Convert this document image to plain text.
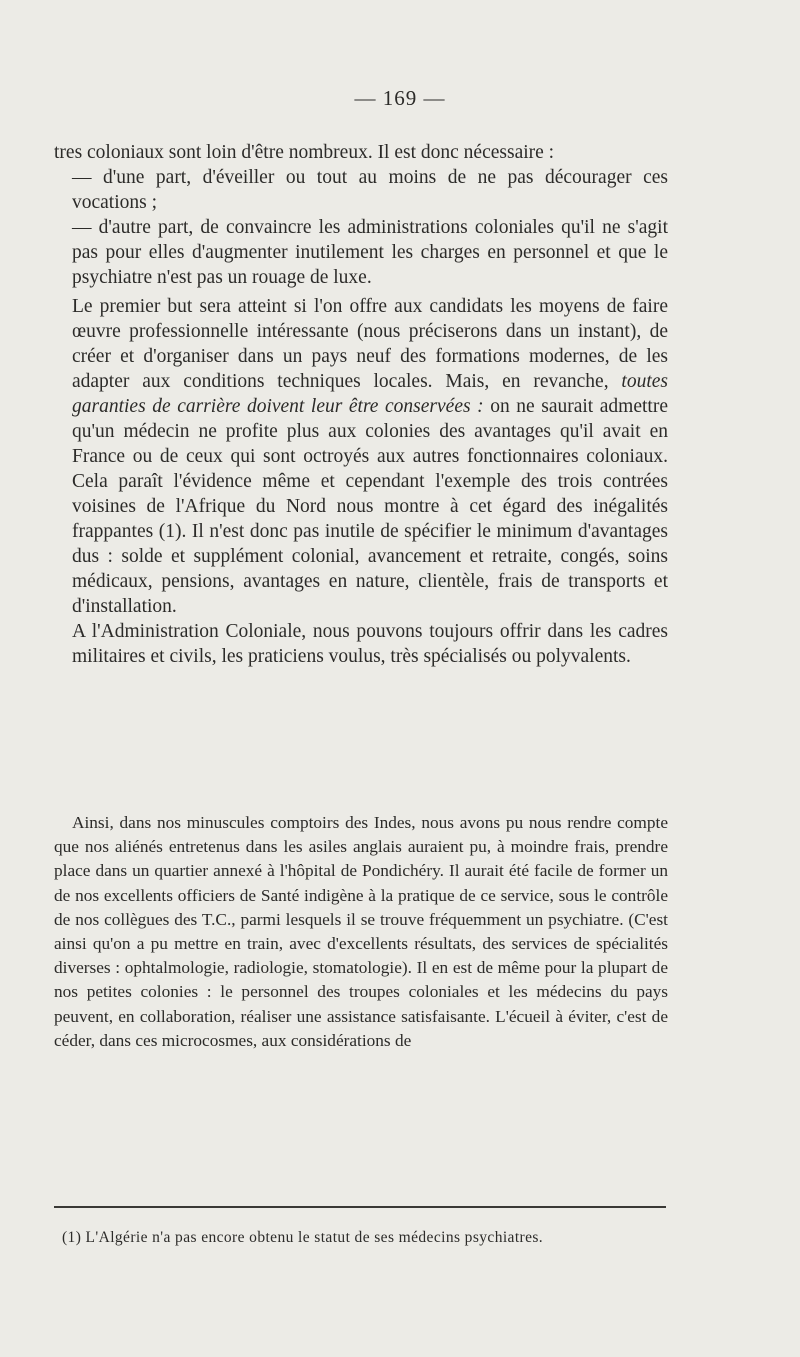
— 169 —

tres coloniaux sont loin d'être nombreux. Il est donc nécessaire :

— d'une part, d'éveiller ou tout au moins de ne pas décourager ces vocations ;

— d'autre part, de convaincre les administrations coloniales qu'il ne s'agit pas pour elles d'augmenter inutilement les charges en personnel et que le psychiatre n'est pas un rouage de luxe.

Le premier but sera atteint si l'on offre aux candidats les moyens de faire œuvre professionnelle intéressante (nous préciserons dans un instant), de créer et d'organiser dans un pays neuf des formations modernes, de les adapter aux conditions techniques locales. Mais, en revanche, toutes garanties de carrière doivent leur être conservées : on ne saurait admettre qu'un médecin ne profite plus aux colonies des avantages qu'il avait en France ou de ceux qui sont octroyés aux autres fonctionnaires coloniaux. Cela paraît l'évidence même et cependant l'exemple des trois contrées voisines de l'Afrique du Nord nous montre à cet égard des inégalités frappantes (1). Il n'est donc pas inutile de spécifier le minimum d'avantages dus : solde et supplément colonial, avancement et retraite, congés, soins médicaux, pensions, avantages en nature, clientèle, frais de transports et d'installation.

A l'Administration Coloniale, nous pouvons toujours offrir dans les cadres militaires et civils, les praticiens voulus, très spécialisés ou polyvalents.

Ainsi, dans nos minuscules comptoirs des Indes, nous avons pu nous rendre compte que nos aliénés entretenus dans les asiles anglais auraient pu, à moindre frais, prendre place dans un quartier annexé à l'hôpital de Pondichéry. Il aurait été facile de former un de nos excellents officiers de Santé indigène à la pratique de ce service, sous le contrôle de nos collègues des T.C., parmi lesquels il se trouve fréquemment un psychiatre. (C'est ainsi qu'on a pu mettre en train, avec d'excellents résultats, des services de spécialités diverses : ophtalmologie, radiologie, stomatologie). Il en est de même pour la plupart de nos petites colonies : le personnel des troupes coloniales et les médecins du pays peuvent, en collaboration, réaliser une assistance satisfaisante. L'écueil à éviter, c'est de céder, dans ces microcosmes, aux considérations de

(1) L'Algérie n'a pas encore obtenu le statut de ses médecins psychiatres.
